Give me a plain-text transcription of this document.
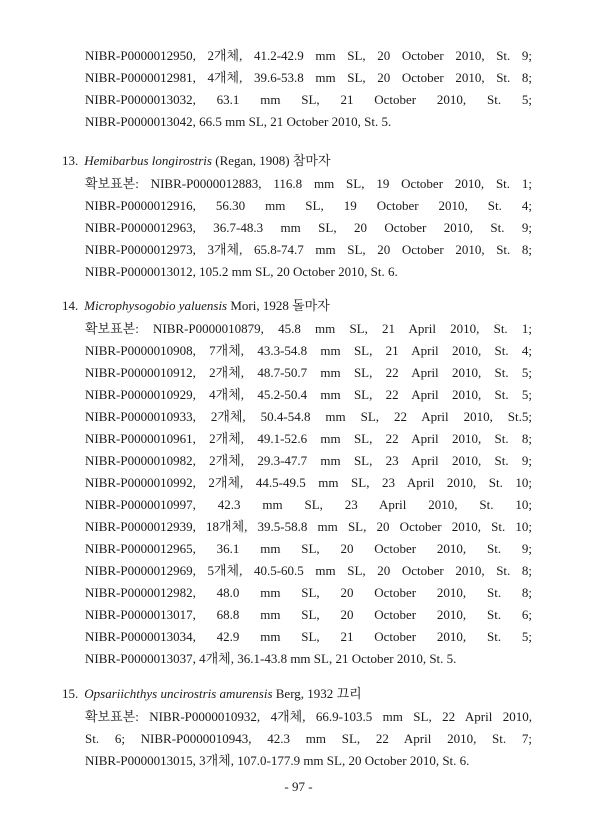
NIBR-P0000012950, 2개체, 41.2-42.9 mm SL, 20 October 2010, St. 9;
NIBR-P0000012981, 4개체, 39.6-53.8 mm SL, 20 October 2010, St. 8;
NIBR-P0000013032, 63.1 mm SL, 21 October 2010, St. 5;
NIBR-P0000013042, 66.5 mm SL, 21 October 2010, St. 5.
13. Hemibarbus longirostris (Regan, 1908) 참마자
확보표본: NIBR-P0000012883, 116.8 mm SL, 19 October 2010, St. 1;
NIBR-P0000012916, 56.30 mm SL, 19 October 2010, St. 4;
NIBR-P0000012963, 36.7-48.3 mm SL, 20 October 2010, St. 9;
NIBR-P0000012973, 3개체, 65.8-74.7 mm SL, 20 October 2010, St. 8;
NIBR-P0000013012, 105.2 mm SL, 20 October 2010, St. 6.
14. Microphysogobio yaluensis Mori, 1928 돌마자
확보표본: NIBR-P0000010879, 45.8 mm SL, 21 April 2010, St. 1;
NIBR-P0000010908, 7개체, 43.3-54.8 mm SL, 21 April 2010, St. 4;
NIBR-P0000010912, 2개체, 48.7-50.7 mm SL, 22 April 2010, St. 5;
NIBR-P0000010929, 4개체, 45.2-50.4 mm SL, 22 April 2010, St. 5;
NIBR-P0000010933, 2개체, 50.4-54.8 mm SL, 22 April 2010, St.5;
NIBR-P0000010961, 2개체, 49.1-52.6 mm SL, 22 April 2010, St. 8;
NIBR-P0000010982, 2개체, 29.3-47.7 mm SL, 23 April 2010, St. 9;
NIBR-P0000010992, 2개체, 44.5-49.5 mm SL, 23 April 2010, St. 10;
NIBR-P0000010997, 42.3 mm SL, 23 April 2010, St. 10;
NIBR-P0000012939, 18개체, 39.5-58.8 mm SL, 20 October 2010, St. 10;
NIBR-P0000012965, 36.1 mm SL, 20 October 2010, St. 9;
NIBR-P0000012969, 5개체, 40.5-60.5 mm SL, 20 October 2010, St. 8;
NIBR-P0000012982, 48.0 mm SL, 20 October 2010, St. 8;
NIBR-P0000013017, 68.8 mm SL, 20 October 2010, St. 6;
NIBR-P0000013034, 42.9 mm SL, 21 October 2010, St. 5;
NIBR-P0000013037, 4개체, 36.1-43.8 mm SL, 21 October 2010, St. 5.
15. Opsariichthys uncirostris amurensis Berg, 1932 끄리
확보표본: NIBR-P0000010932, 4개체, 66.9-103.5 mm SL, 22 April 2010,
St. 6; NIBR-P0000010943, 42.3 mm SL, 22 April 2010, St. 7;
NIBR-P0000013015, 3개체, 107.0-177.9 mm SL, 20 October 2010, St. 6.
- 97 -
